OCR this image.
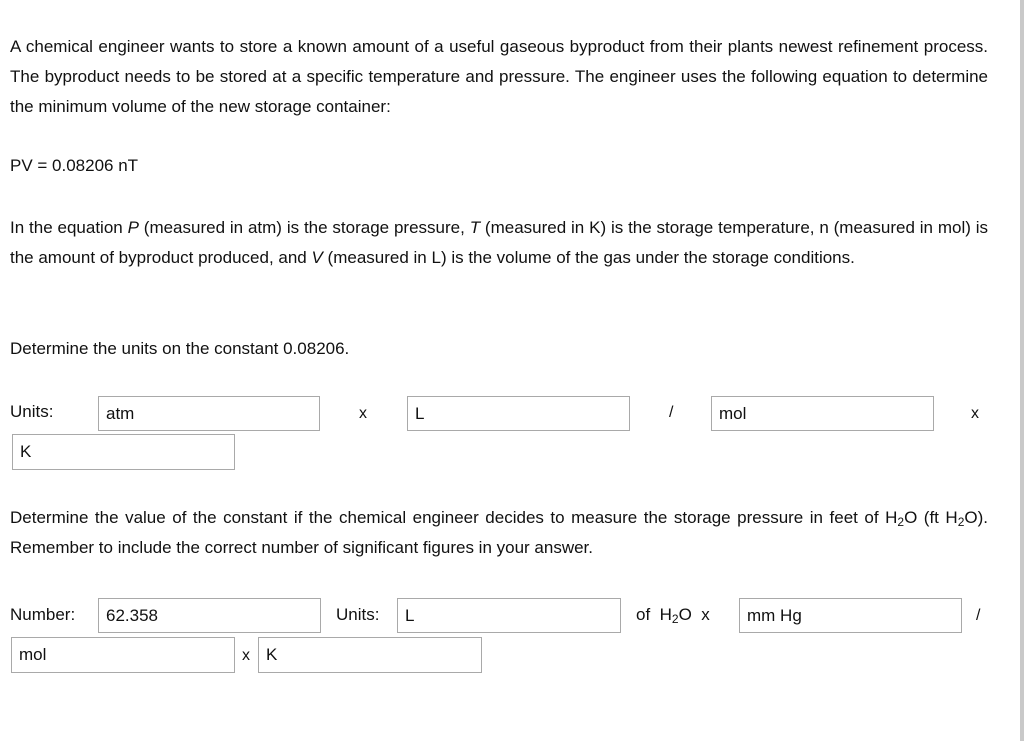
A chemical engineer wants to store a known amount of a useful gaseous byproduct from their plants newest refinement process. The byproduct needs to be stored at a specific temperature and pressure. The engineer uses the following equation to determine the minimum volume of the new storage container:

PV = 0.08206 nT

In the equation P (measured in atm) is the storage pressure, T (measured in K) is the storage temperature, n (measured in mol) is the amount of byproduct produced, and V (measured in L) is the volume of the gas under the storage conditions.

Determine the units on the constant 0.08206.
Units:
atm	x
L	/
mol	x
K

Determine the value of the constant if the chemical engineer decides to measure the storage pressure in feet of $H_2O$ (ft $H_2O$). Remember to include the correct number of significant figures in your answer.

Number:
62.358	Units:
L	of  $H_2O$  x
mm Hg	/
mol
x
K
